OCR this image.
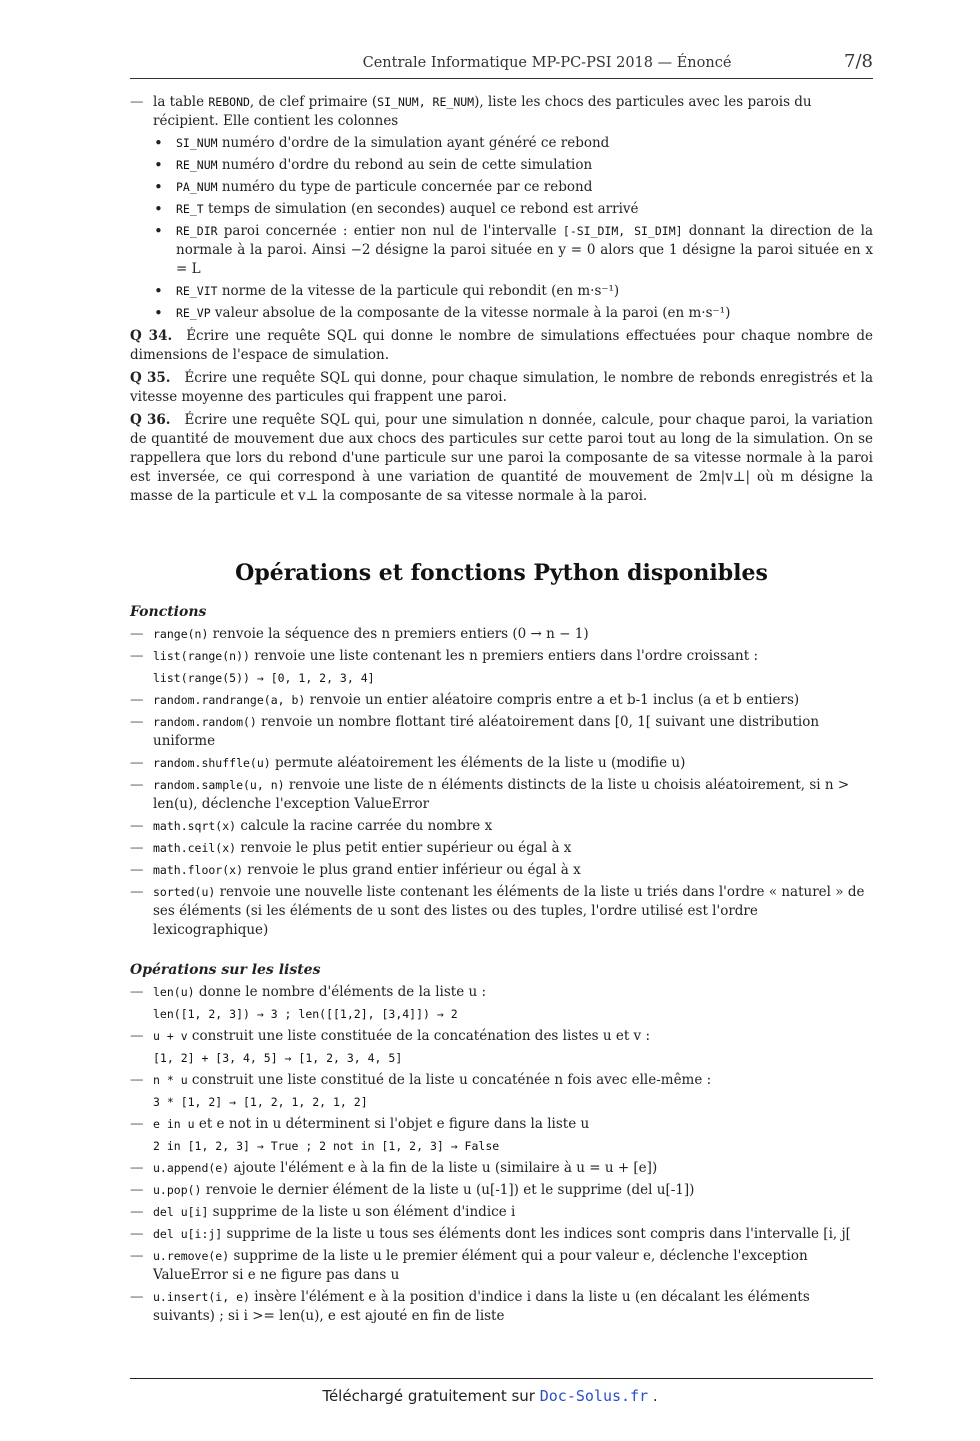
Centrale Informatique MP-PC-PSI 2018 — Énoncé	7/8

— la table REBOND, de clef primaire (SI_NUM, RE_NUM), liste les chocs des particules avec les parois du récipient. Elle contient les colonnes

• SI_NUM numéro d'ordre de la simulation ayant généré ce rebond
• RE_NUM numéro d'ordre du rebond au sein de cette simulation
• PA_NUM numéro du type de particule concernée par ce rebond
• RE_T temps de simulation (en secondes) auquel ce rebond est arrivé
• RE_DIR paroi concernée : entier non nul de l'intervalle [-SI_DIM, SI_DIM] donnant la direction de la normale à la paroi. Ainsi −2 désigne la paroi située en y = 0 alors que 1 désigne la paroi située en x = L
• RE_VIT norme de la vitesse de la particule qui rebondit (en m·s⁻¹)
• RE_VP valeur absolue de la composante de la vitesse normale à la paroi (en m·s⁻¹)

Q 34. Écrire une requête SQL qui donne le nombre de simulations effectuées pour chaque nombre de dimensions de l'espace de simulation.

Q 35. Écrire une requête SQL qui donne, pour chaque simulation, le nombre de rebonds enregistrés et la vitesse moyenne des particules qui frappent une paroi.

Q 36. Écrire une requête SQL qui, pour une simulation n donnée, calcule, pour chaque paroi, la variation de quantité de mouvement due aux chocs des particules sur cette paroi tout au long de la simulation. On se rappellera que lors du rebond d'une particule sur une paroi la composante de sa vitesse normale à la paroi est inversée, ce qui correspond à une variation de quantité de mouvement de 2m|v⊥| où m désigne la masse de la particule et v⊥ la composante de sa vitesse normale à la paroi.

Opérations et fonctions Python disponibles
Fonctions

— range(n) renvoie la séquence des n premiers entiers (0 → n − 1)

— list(range(n)) renvoie une liste contenant les n premiers entiers dans l'ordre croissant :

list(range(5)) → [0, 1, 2, 3, 4]

— random.randrange(a, b) renvoie un entier aléatoire compris entre a et b-1 inclus (a et b entiers)

— random.random() renvoie un nombre flottant tiré aléatoirement dans [0, 1[ suivant une distribution uniforme

— random.shuffle(u) permute aléatoirement les éléments de la liste u (modifie u)

— random.sample(u, n) renvoie une liste de n éléments distincts de la liste u choisis aléatoirement, si n > len(u), déclenche l'exception ValueError

— math.sqrt(x) calcule la racine carrée du nombre x

— math.ceil(x) renvoie le plus petit entier supérieur ou égal à x

— math.floor(x) renvoie le plus grand entier inférieur ou égal à x

— sorted(u) renvoie une nouvelle liste contenant les éléments de la liste u triés dans l'ordre « naturel » de ses éléments (si les éléments de u sont des listes ou des tuples, l'ordre utilisé est l'ordre lexicographique)

Opérations sur les listes

— len(u) donne le nombre d'éléments de la liste u :

len([1, 2, 3]) → 3 ; len([[1,2], [3,4]]) → 2

— u + v construit une liste constituée de la concaténation des listes u et v :

[1, 2] + [3, 4, 5] → [1, 2, 3, 4, 5]

— n * u construit une liste constitué de la liste u concaténée n fois avec elle-même :

3 * [1, 2] → [1, 2, 1, 2, 1, 2]

— e in u et e not in u déterminent si l'objet e figure dans la liste u

2 in [1, 2, 3] → True ; 2 not in [1, 2, 3] → False

— u.append(e) ajoute l'élément e à la fin de la liste u (similaire à u = u + [e])

— u.pop() renvoie le dernier élément de la liste u (u[-1]) et le supprime (del u[-1])

— del u[i] supprime de la liste u son élément d'indice i

— del u[i:j] supprime de la liste u tous ses éléments dont les indices sont compris dans l'intervalle [i, j[

— u.remove(e) supprime de la liste u le premier élément qui a pour valeur e, déclenche l'exception ValueError si e ne figure pas dans u

— u.insert(i, e) insère l'élément e à la position d'indice i dans la liste u (en décalant les éléments suivants) ; si i >= len(u), e est ajouté en fin de liste

Téléchargé gratuitement sur Doc-Solus.fr .
